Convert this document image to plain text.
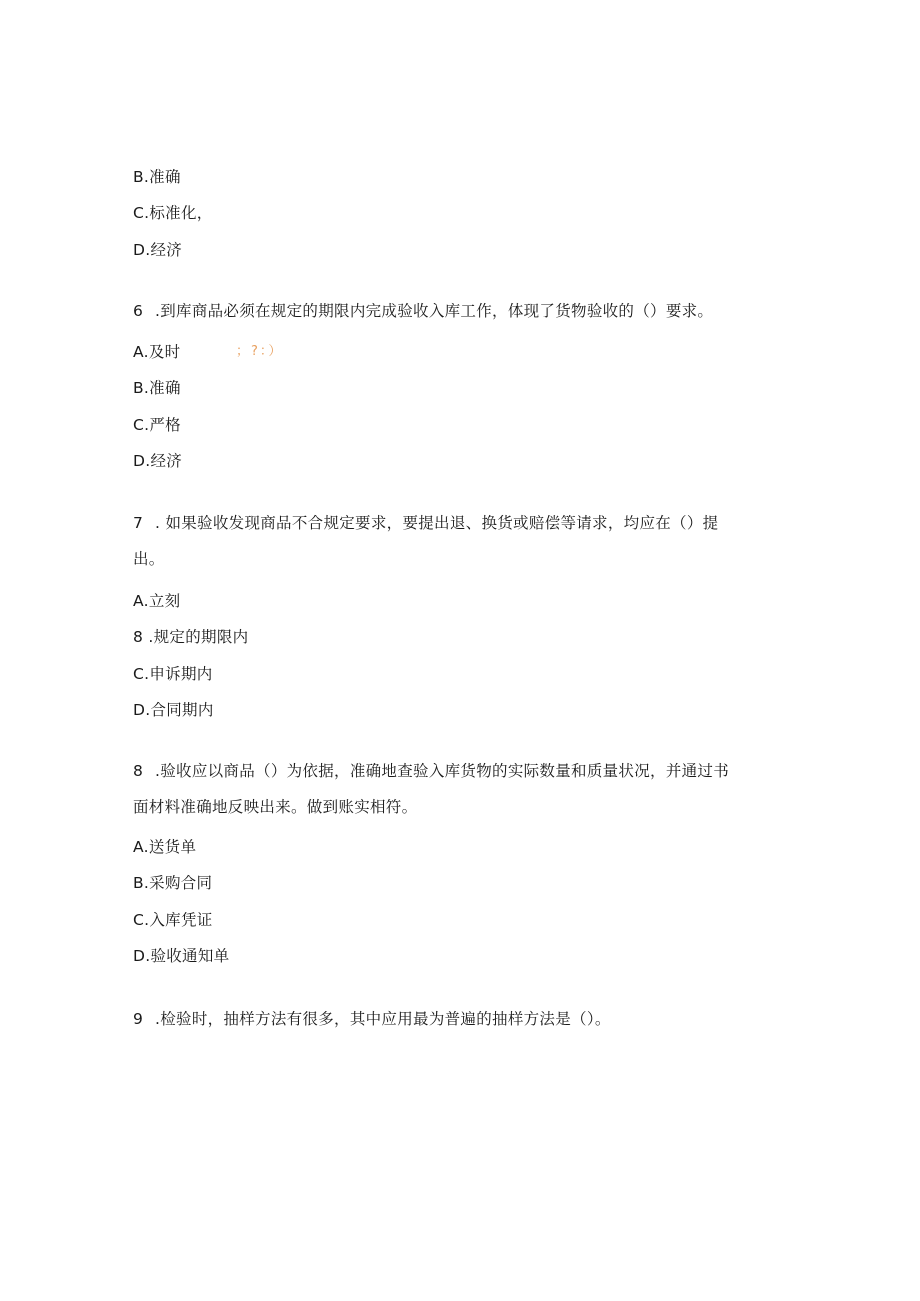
B.准确
C.标准化，
D.经济
6 .到库商品必须在规定的期限内完成验收入库工作，体现了货物验收的（）要求。
A.及时	；?：）
B.准确
C.严格
D.经济
7 . 如果验收发现商品不合规定要求，要提出退、换货或赔偿等请求，均应在（）提
出。
A.立刻
8 .规定的期限内
C.申诉期内
D.合同期内
8 .验收应以商品（）为依据，准确地查验入库货物的实际数量和质量状况，并通过书
面材料准确地反映出来。做到账实相符。
A.送货单
B.采购合同
C.入库凭证
D.验收通知单
9 .检验时，抽样方法有很多，其中应用最为普遍的抽样方法是（）。
